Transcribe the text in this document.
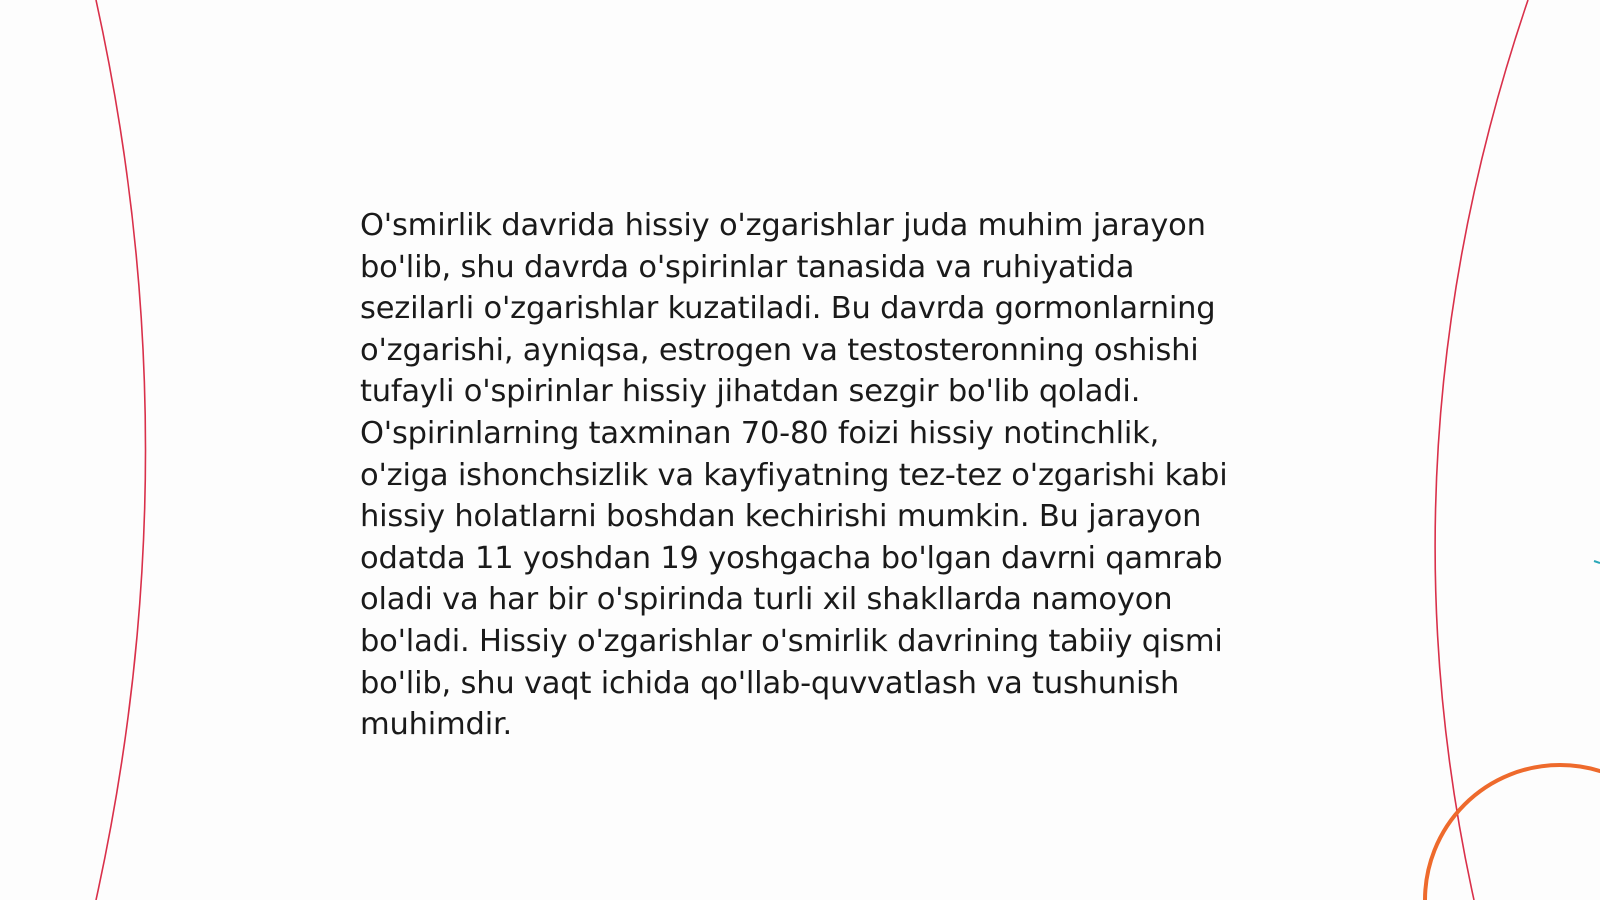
O'smirlik davrida hissiy o'zgarishlar juda muhim jarayon bo'lib, shu davrda o'spirinlar tanasida va ruhiyatida sezilarli o'zgarishlar kuzatiladi. Bu davrda gormonlarning o'zgarishi, ayniqsa, estrogen va testosteronning oshishi tufayli o'spirinlar hissiy jihatdan sezgir bo'lib qoladi. O'spirinlarning taxminan 70-80 foizi hissiy notinchlik, o'ziga ishonchsizlik va kayfiyatning tez-tez o'zgarishi kabi hissiy holatlarni boshdan kechirishi mumkin. Bu jarayon odatda 11 yoshdan 19 yoshgacha bo'lgan davrni qamrab oladi va har bir o'spirinda turli xil shakllarda namoyon bo'ladi. Hissiy o'zgarishlar o'smirlik davrining tabiiy qismi bo'lib, shu vaqt ichida qo'llab-quvvatlash va tushunish muhimdir.
